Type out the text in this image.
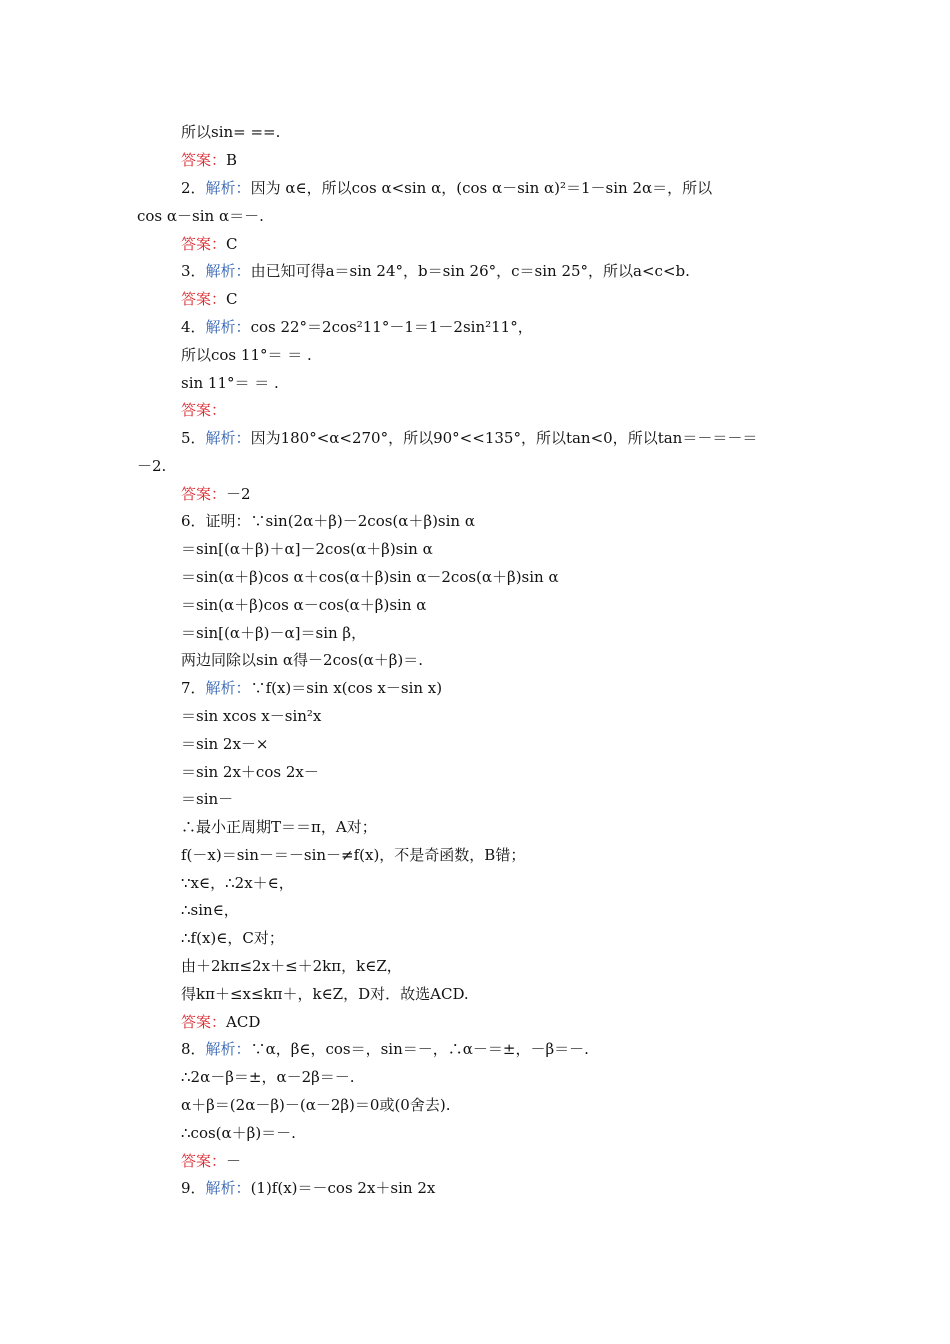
所以sin= ==.
答案：B
2．解析：因为 α∈，所以cos α<sin α，(cos α－sin α)²＝1－sin 2α＝，所以
cos α－sin α＝－.
答案：C
3．解析：由已知可得a＝sin 24°，b＝sin 26°，c＝sin 25°，所以a<c<b.
答案：C
4．解析：cos 22°＝2cos²11°－1＝1－2sin²11°，
所以cos 11°＝ ＝ .
sin 11°＝ ＝ .
答案：
5．解析：因为180°<α<270°，所以90°<<135°，所以tan<0，所以tan＝－＝－＝
－2.
答案：－2
6．证明：∵sin(2α＋β)－2cos(α＋β)sin α
＝sin[(α＋β)＋α]－2cos(α＋β)sin α
＝sin(α＋β)cos α＋cos(α＋β)sin α－2cos(α＋β)sin α
＝sin(α＋β)cos α－cos(α＋β)sin α
＝sin[(α＋β)－α]＝sin β，
两边同除以sin α得－2cos(α＋β)＝.
7．解析：∵f(x)＝sin x(cos x－sin x)
＝sin xcos x－sin²x
＝sin 2x－×
＝sin 2x＋cos 2x－
＝sin－
∴最小正周期T＝＝π，A对；
f(－x)＝sin－＝－sin－≠f(x)，不是奇函数，B错；
∵x∈，∴2x＋∈，
∴sin∈，
∴f(x)∈，C对；
由＋2kπ≤2x＋≤＋2kπ，k∈Z，
得kπ＋≤x≤kπ＋，k∈Z，D对．故选ACD.
答案：ACD
8．解析：∵α，β∈，cos＝，sin＝－，∴α－＝±，－β＝－.
∴2α－β＝±，α－2β＝－.
α＋β＝(2α－β)－(α－2β)＝0或(0舍去).
∴cos(α＋β)＝－.
答案：－
9．解析：(1)f(x)＝－cos 2x＋sin 2x
